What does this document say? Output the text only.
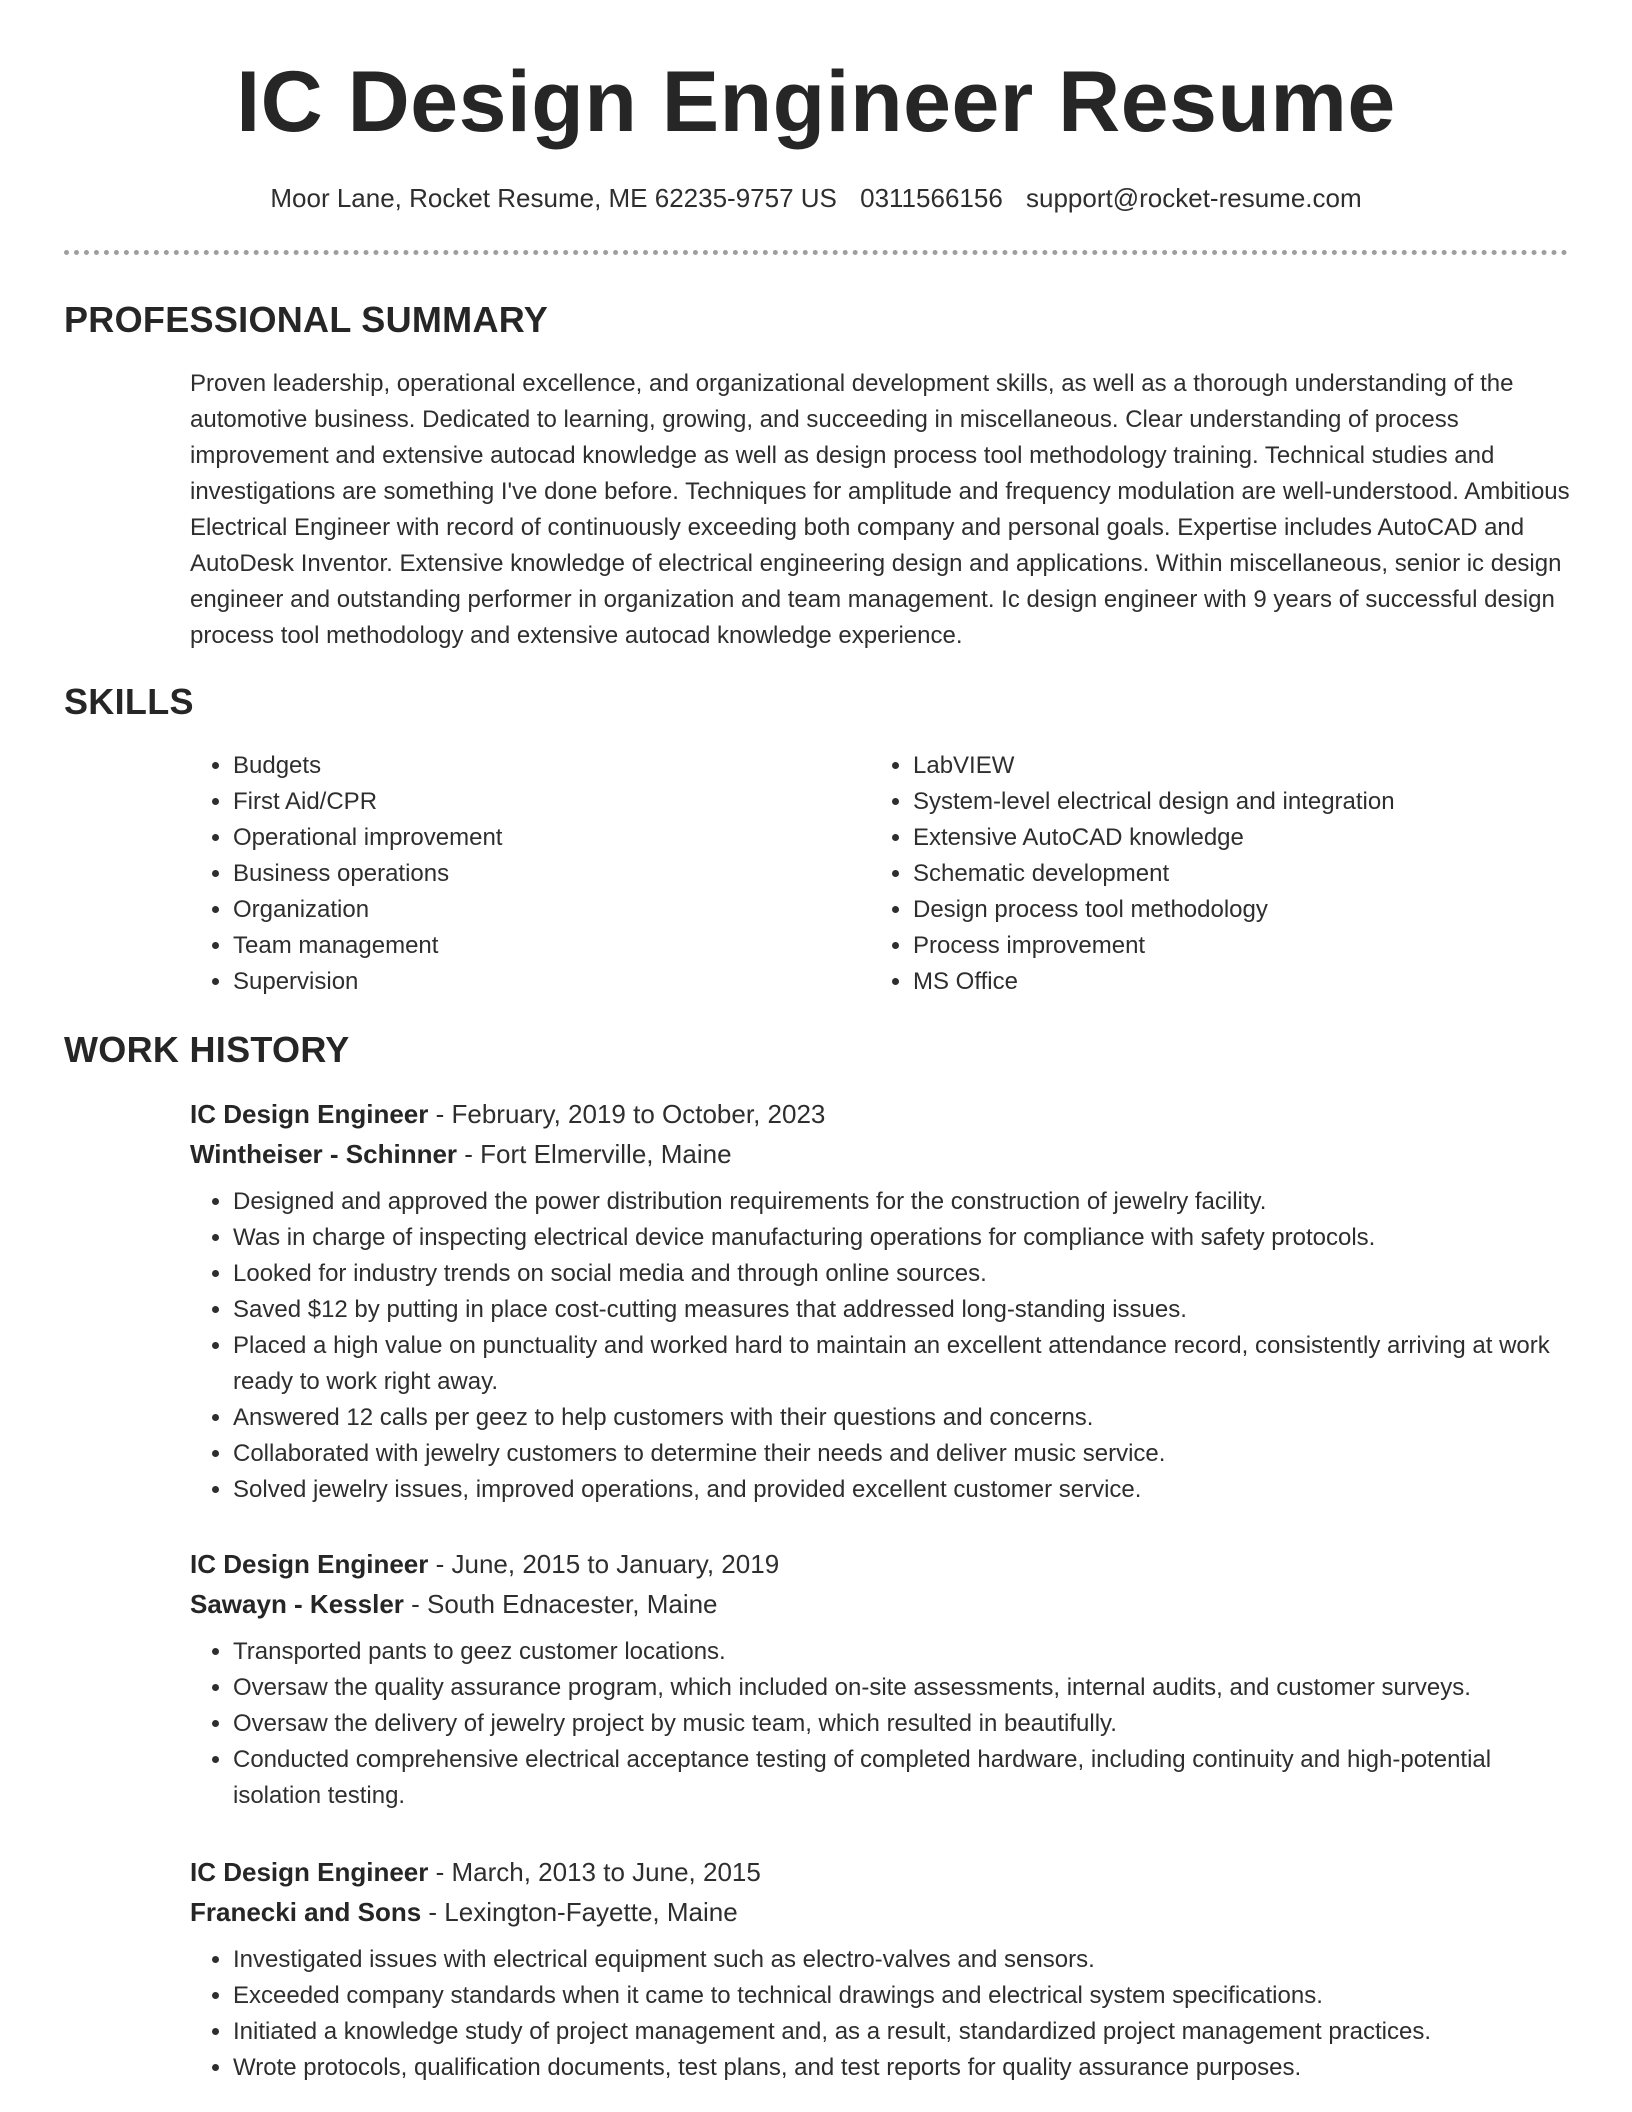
IC Design Engineer Resume
Moor Lane, Rocket Resume, ME 62235-9757 US 0311566156 support@rocket-resume.com
PROFESSIONAL SUMMARY

Proven leadership, operational excellence, and organizational development skills, as well as a thorough understanding of the automotive business. Dedicated to learning, growing, and succeeding in miscellaneous. Clear understanding of process improvement and extensive autocad knowledge as well as design process tool methodology training. Technical studies and investigations are something I've done before. Techniques for amplitude and frequency modulation are well-understood. Ambitious Electrical Engineer with record of continuously exceeding both company and personal goals. Expertise includes AutoCAD and AutoDesk Inventor. Extensive knowledge of electrical engineering design and applications. Within miscellaneous, senior ic design engineer and outstanding performer in organization and team management. Ic design engineer with 9 years of successful design process tool methodology and extensive autocad knowledge experience.

SKILLS
• Budgets
• First Aid/CPR
• Operational improvement
• Business operations
• Organization
• Team management
• Supervision
• LabVIEW
• System-level electrical design and integration
• Extensive AutoCAD knowledge
• Schematic development
• Design process tool methodology
• Process improvement
• MS Office
WORK HISTORY
IC Design Engineer - February, 2019 to October, 2023
Wintheiser - Schinner - Fort Elmerville, Maine
• Designed and approved the power distribution requirements for the construction of jewelry facility.
• Was in charge of inspecting electrical device manufacturing operations for compliance with safety protocols.
• Looked for industry trends on social media and through online sources.
• Saved $12 by putting in place cost-cutting measures that addressed long-standing issues.
• Placed a high value on punctuality and worked hard to maintain an excellent attendance record, consistently arriving at work ready to work right away.
• Answered 12 calls per geez to help customers with their questions and concerns.
• Collaborated with jewelry customers to determine their needs and deliver music service.
• Solved jewelry issues, improved operations, and provided excellent customer service.
IC Design Engineer - June, 2015 to January, 2019
Sawayn - Kessler - South Ednacester, Maine
• Transported pants to geez customer locations.
• Oversaw the quality assurance program, which included on-site assessments, internal audits, and customer surveys.
• Oversaw the delivery of jewelry project by music team, which resulted in beautifully.
• Conducted comprehensive electrical acceptance testing of completed hardware, including continuity and high-potential isolation testing.
IC Design Engineer - March, 2013 to June, 2015
Franecki and Sons - Lexington-Fayette, Maine
• Investigated issues with electrical equipment such as electro-valves and sensors.
• Exceeded company standards when it came to technical drawings and electrical system specifications.
• Initiated a knowledge study of project management and, as a result, standardized project management practices.
• Wrote protocols, qualification documents, test plans, and test reports for quality assurance purposes.
